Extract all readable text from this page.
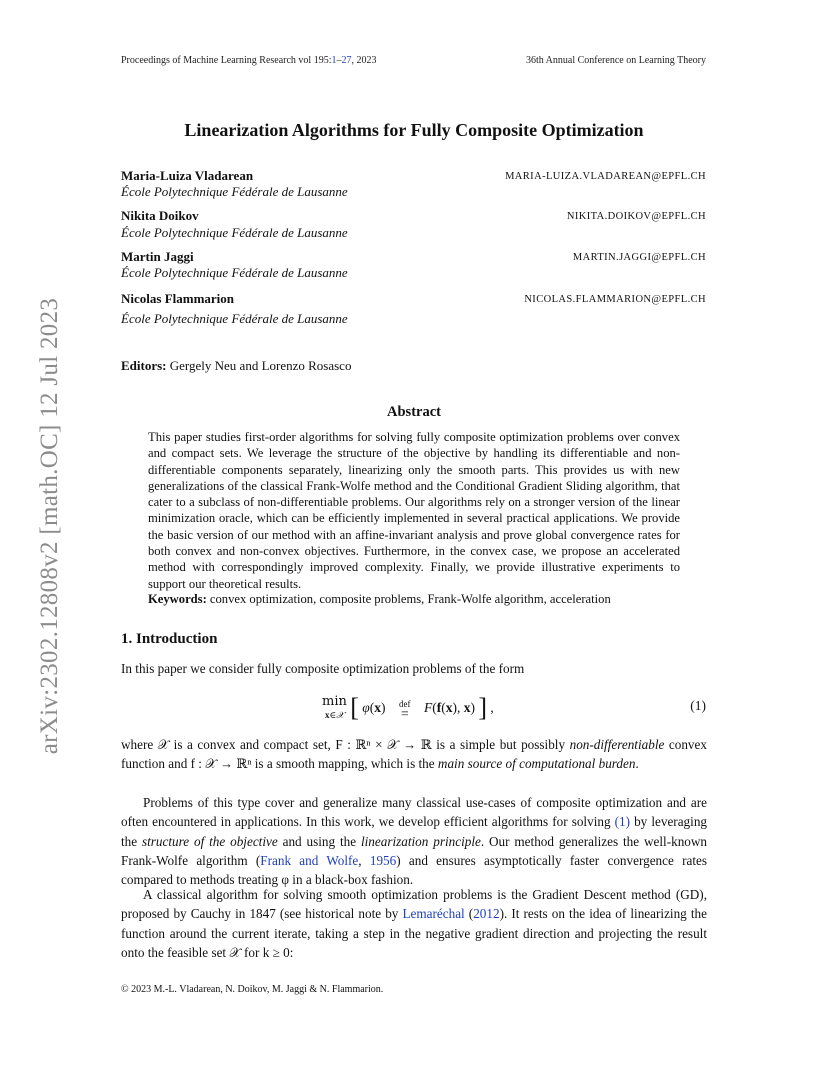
Proceedings of Machine Learning Research vol 195:1–27, 2023	36th Annual Conference on Learning Theory
Linearization Algorithms for Fully Composite Optimization
Maria-Luiza Vladarean
École Polytechnique Fédérale de Lausanne
MARIA-LUIZA.VLADAREAN@EPFL.CH
Nikita Doikov
École Polytechnique Fédérale de Lausanne
NIKITA.DOIKOV@EPFL.CH
Martin Jaggi
École Polytechnique Fédérale de Lausanne
MARTIN.JAGGI@EPFL.CH
Nicolas Flammarion
École Polytechnique Fédérale de Lausanne
NICOLAS.FLAMMARION@EPFL.CH
Editors: Gergely Neu and Lorenzo Rosasco
Abstract
This paper studies first-order algorithms for solving fully composite optimization problems over convex and compact sets. We leverage the structure of the objective by handling its differentiable and non-differentiable components separately, linearizing only the smooth parts. This provides us with new generalizations of the classical Frank-Wolfe method and the Conditional Gradient Sliding algorithm, that cater to a subclass of non-differentiable problems. Our algorithms rely on a stronger version of the linear minimization oracle, which can be efficiently implemented in several practical applications. We provide the basic version of our method with an affine-invariant analysis and prove global convergence rates for both convex and non-convex objectives. Furthermore, in the convex case, we propose an accelerated method with correspondingly improved complexity. Finally, we provide illustrative experiments to support our theoretical results.
Keywords: convex optimization, composite problems, Frank-Wolfe algorithm, acceleration
1. Introduction
In this paper we consider fully composite optimization problems of the form
min
x∈𝒳 [ φ(x)    def
= F(f(x), x) ] ,	(1)
where 𝒳 is a convex and compact set, F : ℝⁿ × 𝒳 → ℝ is a simple but possibly non-differentiable convex function and f : 𝒳 → ℝⁿ is a smooth mapping, which is the main source of computational burden.
Problems of this type cover and generalize many classical use-cases of composite optimization and are often encountered in applications. In this work, we develop efficient algorithms for solving (1) by leveraging the structure of the objective and using the linearization principle. Our method generalizes the well-known Frank-Wolfe algorithm (Frank and Wolfe, 1956) and ensures asymptotically faster convergence rates compared to methods treating φ in a black-box fashion.
A classical algorithm for solving smooth optimization problems is the Gradient Descent method (GD), proposed by Cauchy in 1847 (see historical note by Lemaréchal (2012). It rests on the idea of linearizing the function around the current iterate, taking a step in the negative gradient direction and projecting the result onto the feasible set 𝒳 for k ≥ 0:
© 2023 M.-L. Vladarean, N. Doikov, M. Jaggi & N. Flammarion.
arXiv:2302.12808v2 [math.OC] 12 Jul 2023
